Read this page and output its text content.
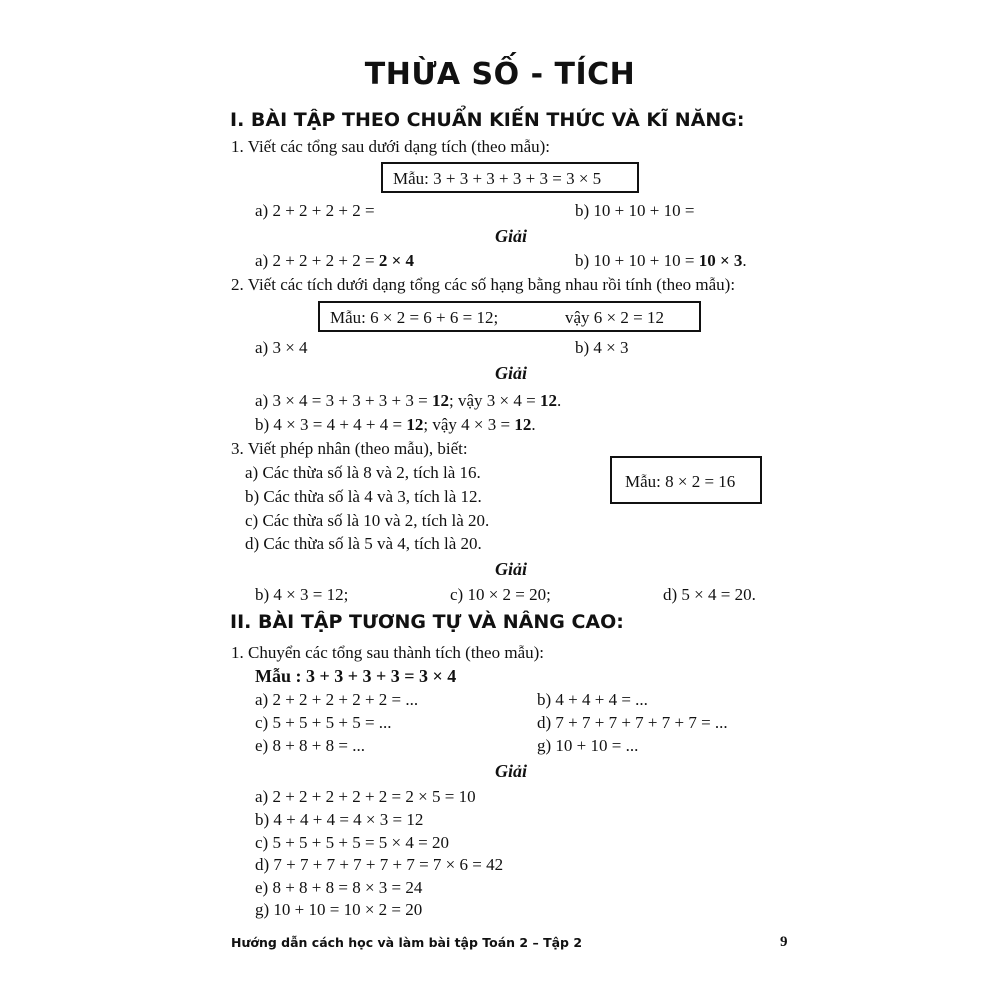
THỪA SỐ - TÍCH
I. BÀI TẬP THEO CHUẨN KIẾN THỨC VÀ KĨ NĂNG:
1. Viết các tổng sau dưới dạng tích (theo mẫu):
Mẫu: 3 + 3 + 3 + 3 + 3 = 3 × 5
a) 2 + 2 + 2 + 2 =	b) 10 + 10 + 10 =
Giải
a) 2 + 2 + 2 + 2 = 2 × 4	b) 10 + 10 + 10 = 10 × 3.
2. Viết các tích dưới dạng tổng các số hạng bằng nhau rồi tính (theo mẫu):
Mẫu: 6 × 2 = 6 + 6 = 12;	vậy 6 × 2 = 12
a) 3 × 4	b) 4 × 3
Giải
a) 3 × 4 = 3 + 3 + 3 + 3 = 12; vậy 3 × 4 = 12.
b) 4 × 3 = 4 + 4 + 4 = 12; vậy 4 × 3 = 12.
3. Viết phép nhân (theo mẫu), biết:
a) Các thừa số là 8 và 2, tích là 16.
b) Các thừa số là 4 và 3, tích là 12.
c) Các thừa số là 10 và 2, tích là 20.
d) Các thừa số là 5 và 4, tích là 20.
Mẫu: 8 × 2 = 16
Giải
b) 4 × 3 = 12;	c) 10 × 2 = 20;	d) 5 × 4 = 20.
II. BÀI TẬP TƯƠNG TỰ VÀ NÂNG CAO:
1. Chuyển các tổng sau thành tích (theo mẫu):
Mẫu : 3 + 3 + 3 + 3 = 3 × 4
a) 2 + 2 + 2 + 2 + 2 = ...	b) 4 + 4 + 4 = ...
c) 5 + 5 + 5 + 5 = ...	d) 7 + 7 + 7 + 7 + 7 + 7 = ...
e) 8 + 8 + 8 = ...	g) 10 + 10 = ...
Giải
a) 2 + 2 + 2 + 2 + 2 = 2 × 5 = 10
b) 4 + 4 + 4 = 4 × 3 = 12
c) 5 + 5 + 5 + 5 = 5 × 4 = 20
d) 7 + 7 + 7 + 7 + 7 + 7 = 7 × 6 = 42
e) 8 + 8 + 8 = 8 × 3 = 24
g) 10 + 10 = 10 × 2 = 20
Hướng dẫn cách học và làm bài tập Toán 2 – Tập 2	9
